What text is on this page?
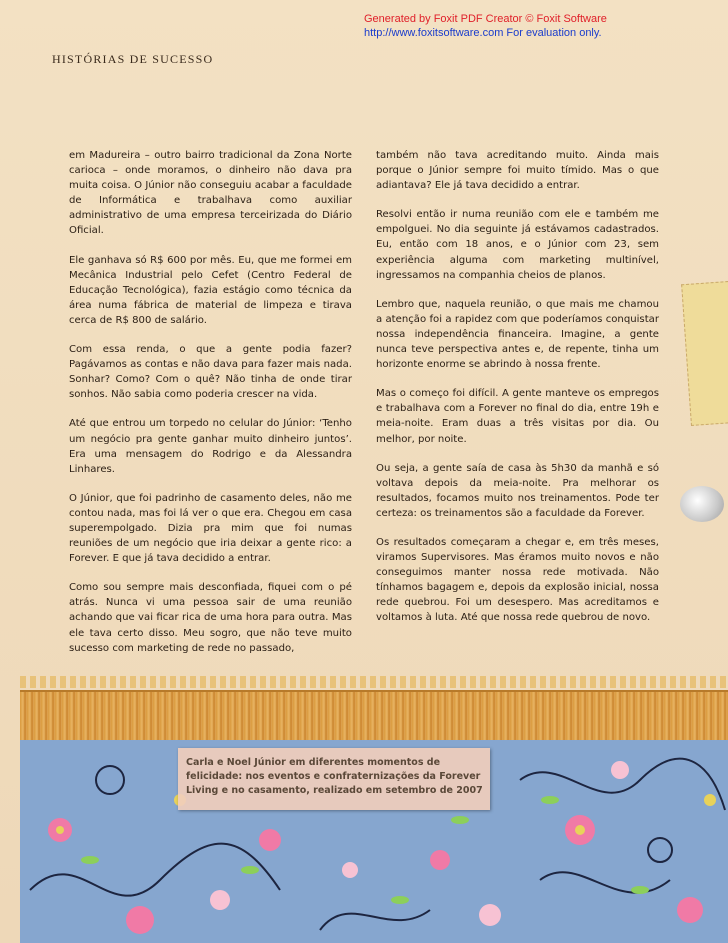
Generated by Foxit PDF Creator © Foxit Software
http://www.foxitsoftware.com For evaluation only.
HISTÓRIAS DE SUCESSO

em Madureira – outro bairro tradicional da Zona Norte carioca – onde moramos, o dinheiro não dava pra muita coisa. O Júnior não conseguiu acabar a faculdade de Informática e trabalhava como auxiliar administrativo de uma empresa terceirizada do Diário Oficial.

Ele ganhava só R$ 600 por mês. Eu, que me formei em Mecânica Industrial pelo Cefet (Centro Federal de Educação Tecnológica), fazia estágio como técnica da área numa fábrica de material de limpeza e tirava cerca de R$ 800 de salário.

Com essa renda, o que a gente podia fazer? Pagávamos as contas e não dava para fazer mais nada. Sonhar? Como? Com o quê? Não tinha de onde tirar sonhos. Não sabia como poderia crescer na vida.

Até que entrou um torpedo no celular do Júnior: ‘Tenho um negócio pra gente ganhar muito dinheiro juntos’. Era uma mensagem do Rodrigo e da Alessandra Linhares.

O Júnior, que foi padrinho de casamento deles, não me contou nada, mas foi lá ver o que era. Chegou em casa superempolgado. Dizia pra mim que foi numas reuniões de um negócio que iria deixar a gente rico: a Forever. E que já tava decidido a entrar.

Como sou sempre mais desconfiada, fiquei com o pé atrás. Nunca vi uma pessoa sair de uma reunião achando que vai ficar rica de uma hora para outra. Mas ele tava certo disso. Meu sogro, que não teve muito sucesso com marketing de rede no passado,

também não tava acreditando muito. Ainda mais porque o Júnior sempre foi muito tímido. Mas o que adiantava? Ele já tava decidido a entrar.

Resolvi então ir numa reunião com ele e também me empolguei. No dia seguinte já estávamos cadastrados. Eu, então com 18 anos, e o Júnior com 23, sem experiência alguma com marketing multinível, ingressamos na companhia cheios de planos.

Lembro que, naquela reunião, o que mais me chamou a atenção foi a rapidez com que poderíamos conquistar nossa independência financeira. Imagine, a gente nunca teve perspectiva antes e, de repente, tinha um horizonte enorme se abrindo à nossa frente.

Mas o começo foi difícil. A gente manteve os empregos e trabalhava com a Forever no final do dia, entre 19h e meia-noite. Eram duas a três visitas por dia. Ou melhor, por noite.

Ou seja, a gente saía de casa às 5h30 da manhã e só voltava depois da meia-noite. Pra melhorar os resultados, focamos muito nos treinamentos. Pode ter certeza: os treinamentos são a faculdade da Forever.

Os resultados começaram a chegar e, em três meses, viramos Supervisores. Mas éramos muito novos e não conseguimos manter nossa rede motivada. Não tínhamos bagagem e, depois da explosão inicial, nossa rede quebrou. Foi um desespero. Mas acreditamos e voltamos à luta. Até que nossa rede quebrou de novo.

Carla e Noel Júnior em diferentes momentos de felicidade: nos eventos e confraternizações da Forever Living e no casamento, realizado em setembro de 2007
